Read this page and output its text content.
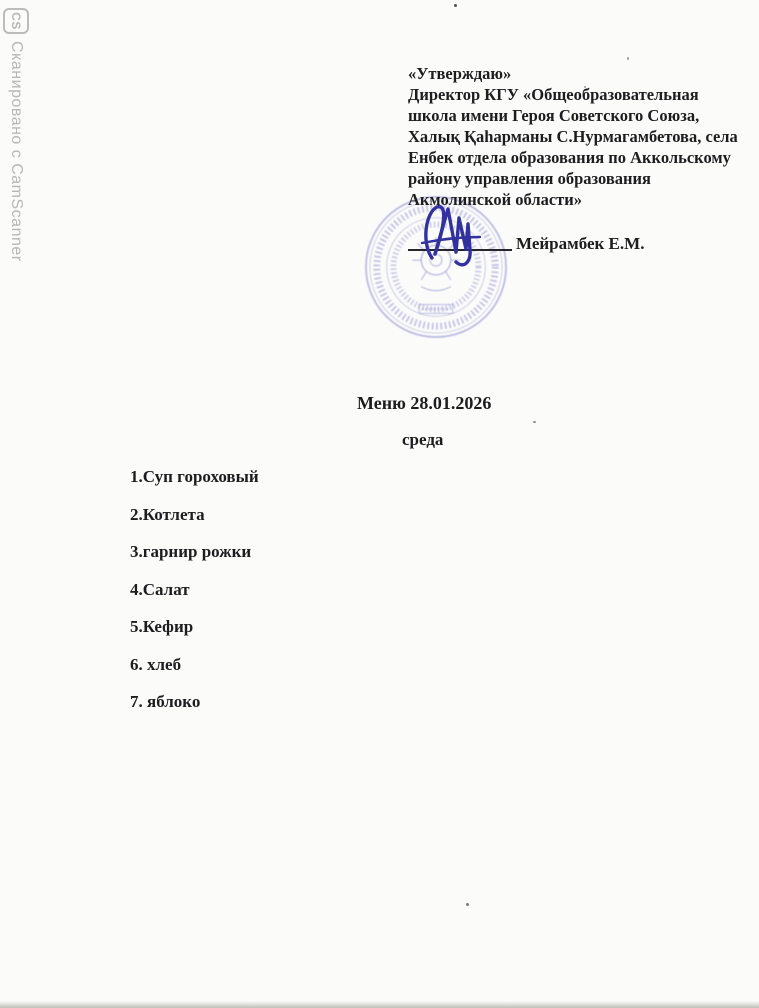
CS
Сканировано с CamScanner	«Утверждаю»
Директор КГУ «Общеобразовательная
школа имени Героя Советского Союза,
Халық Қаһарманы С.Нурмагамбетова, села
Енбек отдела образования по Аккольскому
району управления образования
Акмолинской области»
Мейрамбек Е.М.
Меню 28.01.2026
среда
1.Суп гороховый
2.Котлета
3.гарнир рожки
4.Салат
5.Кефир
6. хлеб
7. яблоко
